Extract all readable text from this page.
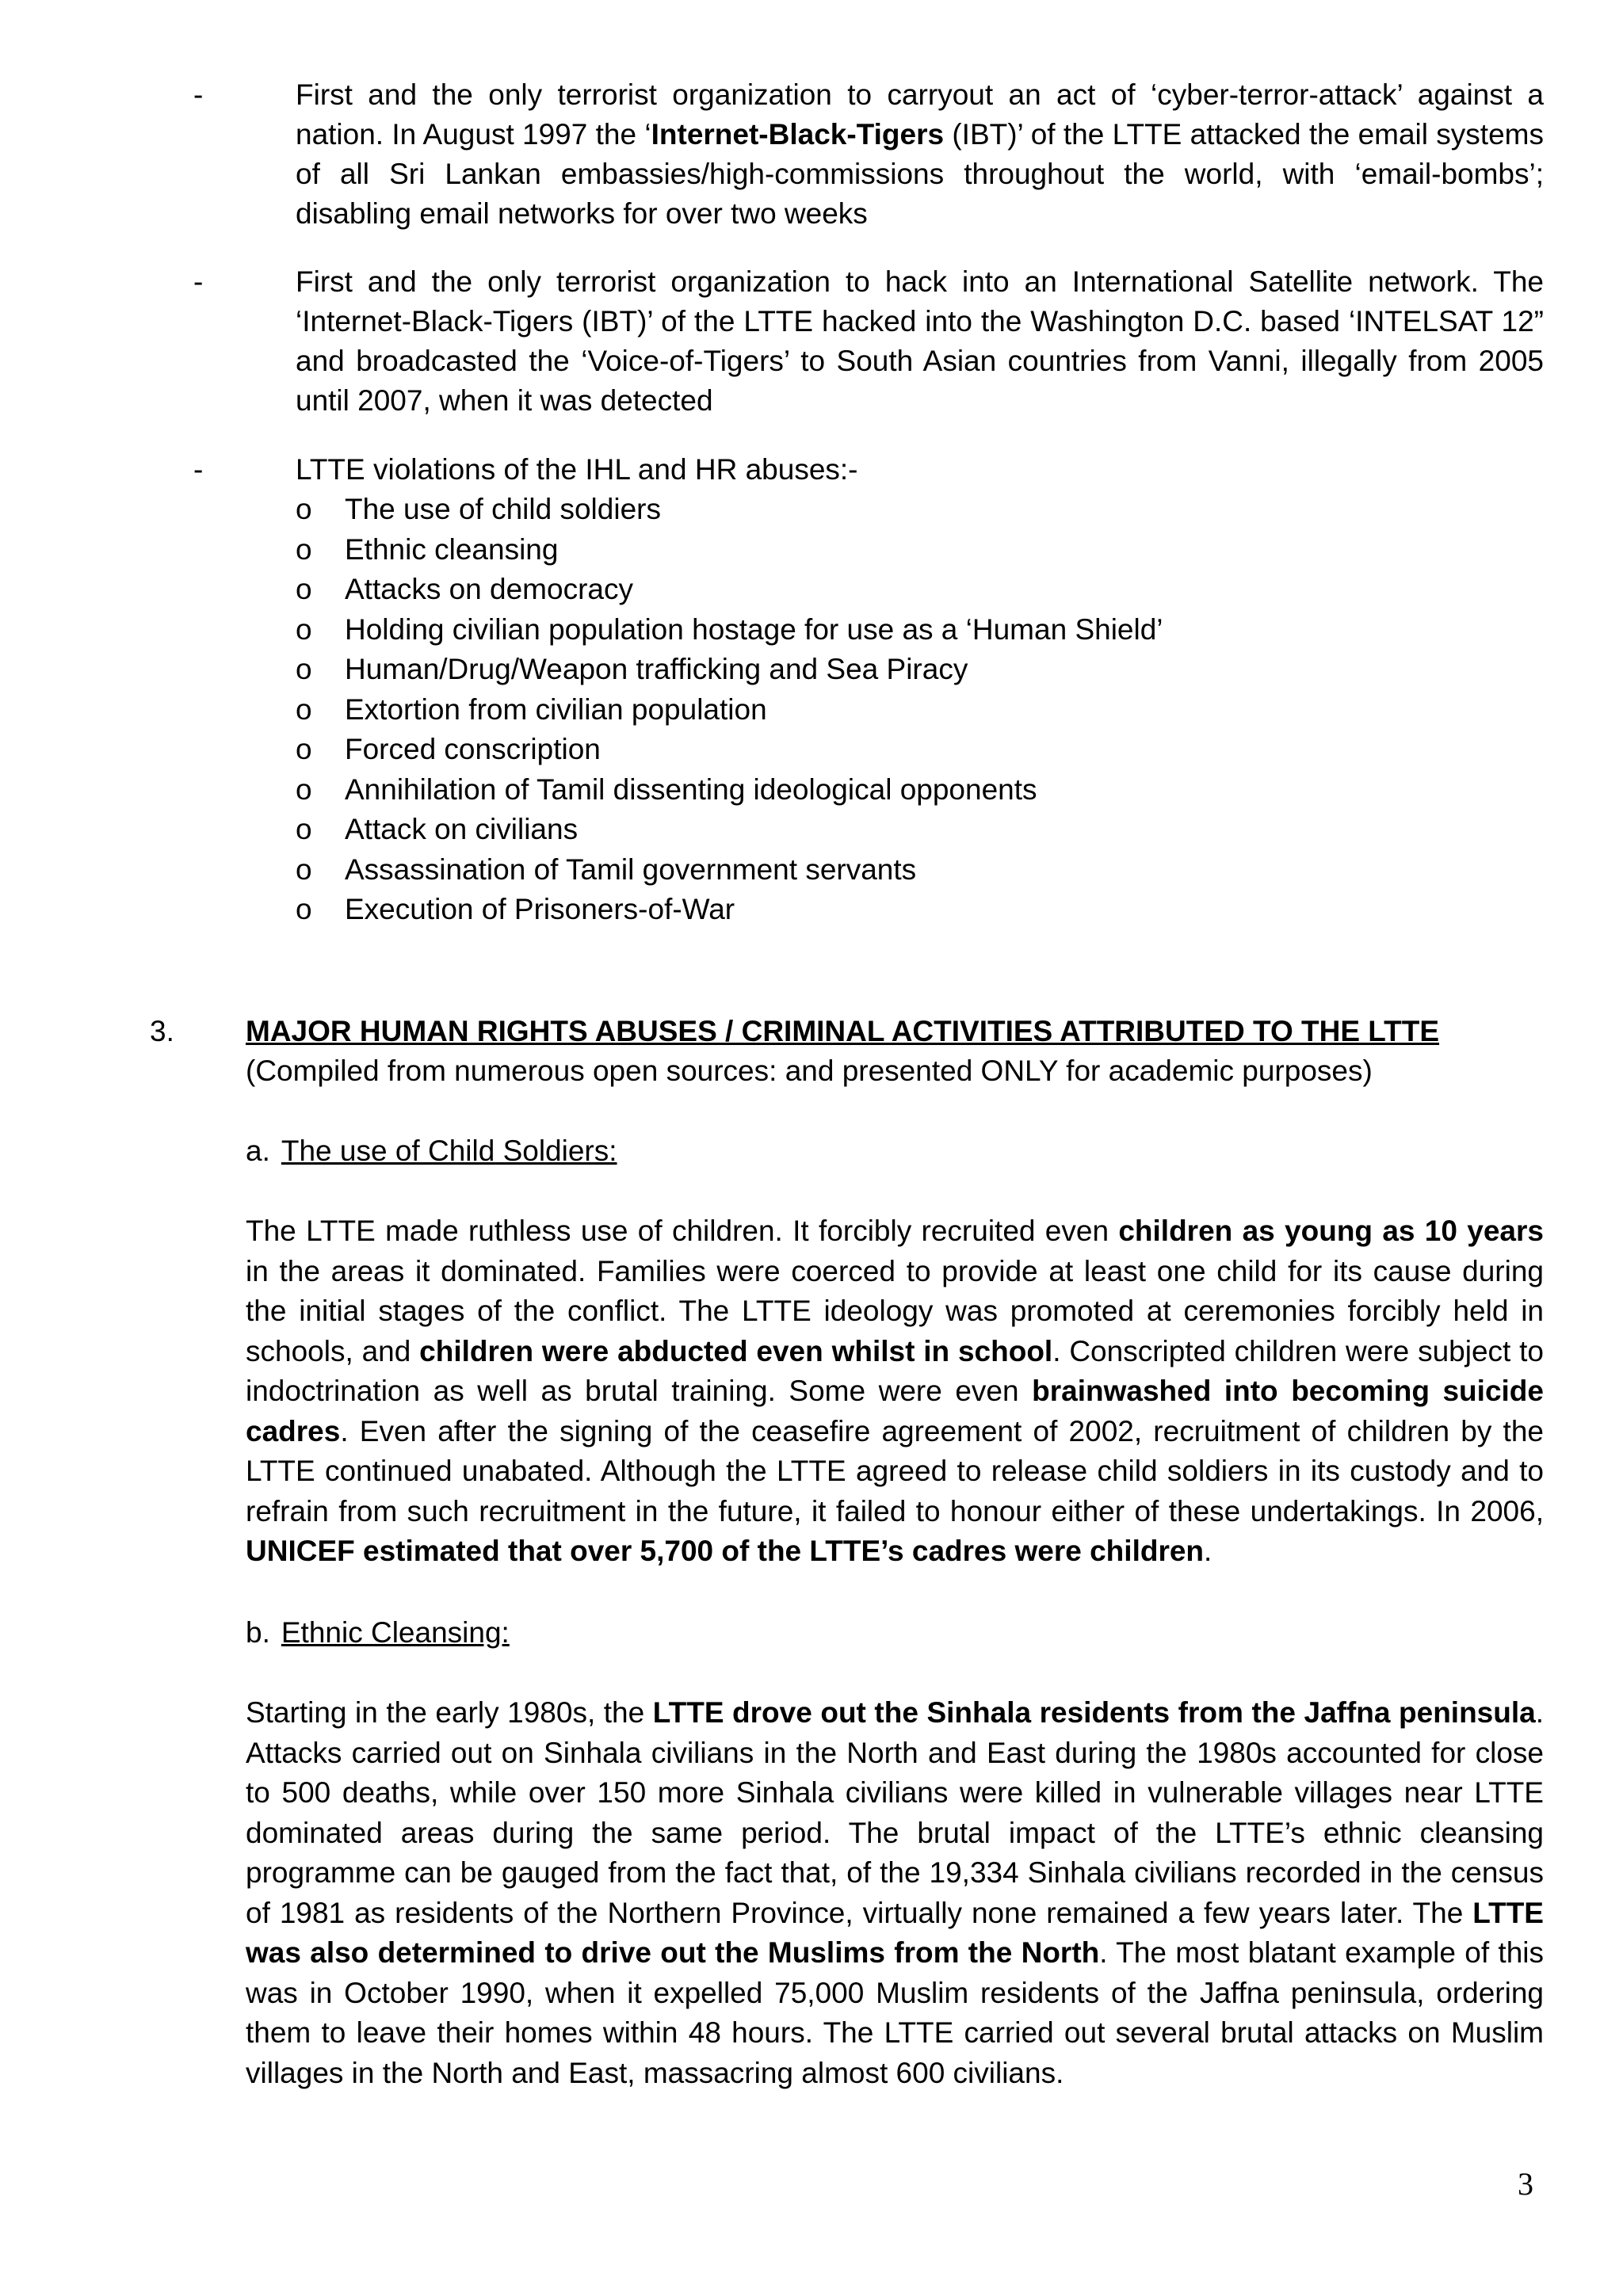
-	First and the only terrorist organization to carryout an act of ‘cyber-terror-attack’ against a nation. In August 1997 the ‘Internet-Black-Tigers (IBT)’ of the LTTE attacked the email systems of all Sri Lankan embassies/high-commissions throughout the world, with ‘email-bombs’; disabling email networks for over two weeks
-	First and the only terrorist organization to hack into an International Satellite network. The ‘Internet-Black-Tigers (IBT)’ of the LTTE hacked into the Washington D.C. based ‘INTELSAT 12” and broadcasted the ‘Voice-of-Tigers’ to South Asian countries from Vanni, illegally from 2005 until 2007, when it was detected
-	LTTE violations of the IHL and HR abuses:-
o The use of child soldiers
o Ethnic cleansing
o Attacks on democracy
o Holding civilian population hostage for use as a ‘Human Shield’
o Human/Drug/Weapon trafficking and Sea Piracy
o Extortion from civilian population
o Forced conscription
o Annihilation of Tamil dissenting ideological opponents
o Attack on civilians
o Assassination of Tamil government servants
o Execution of Prisoners-of-War
3. MAJOR HUMAN RIGHTS ABUSES / CRIMINAL ACTIVITIES ATTRIBUTED TO THE LTTE
(Compiled from numerous open sources: and presented ONLY for academic purposes)
a. The use of Child Soldiers:

The LTTE made ruthless use of children. It forcibly recruited even children as young as 10 years in the areas it dominated. Families were coerced to provide at least one child for its cause during the initial stages of the conflict. The LTTE ideology was promoted at ceremonies forcibly held in schools, and children were abducted even whilst in school. Conscripted children were subject to indoctrination as well as brutal training. Some were even brainwashed into becoming suicide cadres. Even after the signing of the ceasefire agreement of 2002, recruitment of children by the LTTE continued unabated. Although the LTTE agreed to release child soldiers in its custody and to refrain from such recruitment in the future, it failed to honour either of these undertakings. In 2006, UNICEF estimated that over 5,700 of the LTTE’s cadres were children.

b. Ethnic Cleansing:

Starting in the early 1980s, the LTTE drove out the Sinhala residents from the Jaffna peninsula. Attacks carried out on Sinhala civilians in the North and East during the 1980s accounted for close to 500 deaths, while over 150 more Sinhala civilians were killed in vulnerable villages near LTTE dominated areas during the same period. The brutal impact of the LTTE’s ethnic cleansing programme can be gauged from the fact that, of the 19,334 Sinhala civilians recorded in the census of 1981 as residents of the Northern Province, virtually none remained a few years later. The LTTE was also determined to drive out the Muslims from the North. The most blatant example of this was in October 1990, when it expelled 75,000 Muslim residents of the Jaffna peninsula, ordering them to leave their homes within 48 hours. The LTTE carried out several brutal attacks on Muslim villages in the North and East, massacring almost 600 civilians.

3
